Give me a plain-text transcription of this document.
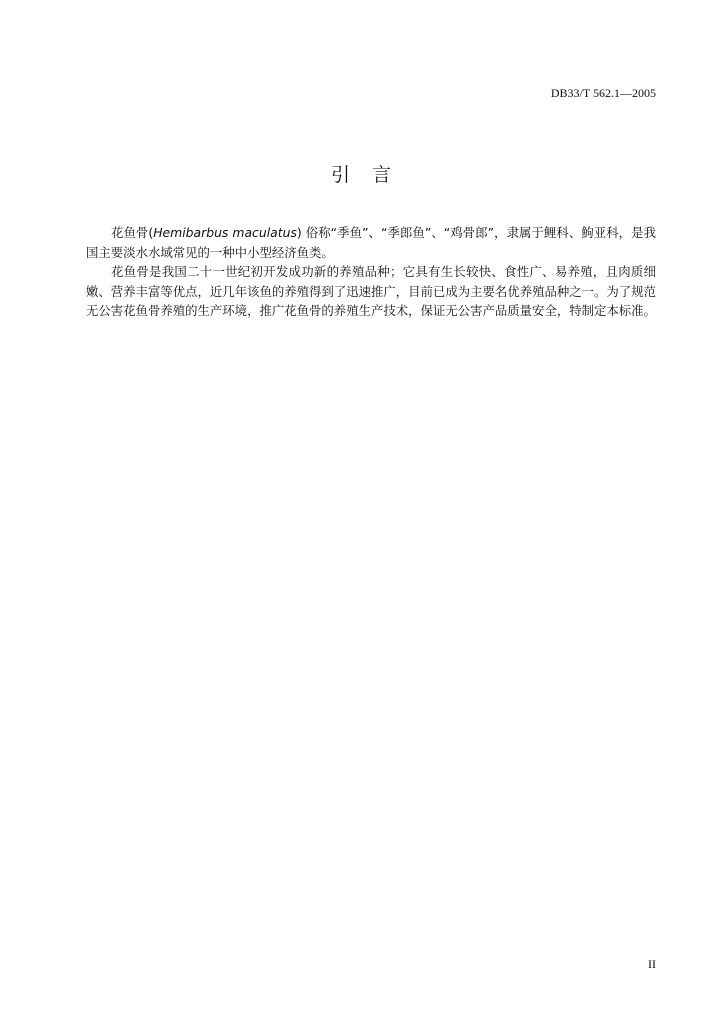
DB33/T 562.1—2005
引言

花鱼骨(Hemibarbus maculatus) 俗称“季鱼”、“季郎鱼”、“鸡骨郎”，隶属于鲤科、鮈亚科，是我国主要淡水水域常见的一种中小型经济鱼类。

花鱼骨是我国二十一世纪初开发成功新的养殖品种；它具有生长较快、食性广、易养殖，且肉质细嫩、营养丰富等优点，近几年该鱼的养殖得到了迅速推广，目前已成为主要名优养殖品种之一。为了规范无公害花鱼骨养殖的生产环境，推广花鱼骨的养殖生产技术，保证无公害产品质量安全，特制定本标准。

II
